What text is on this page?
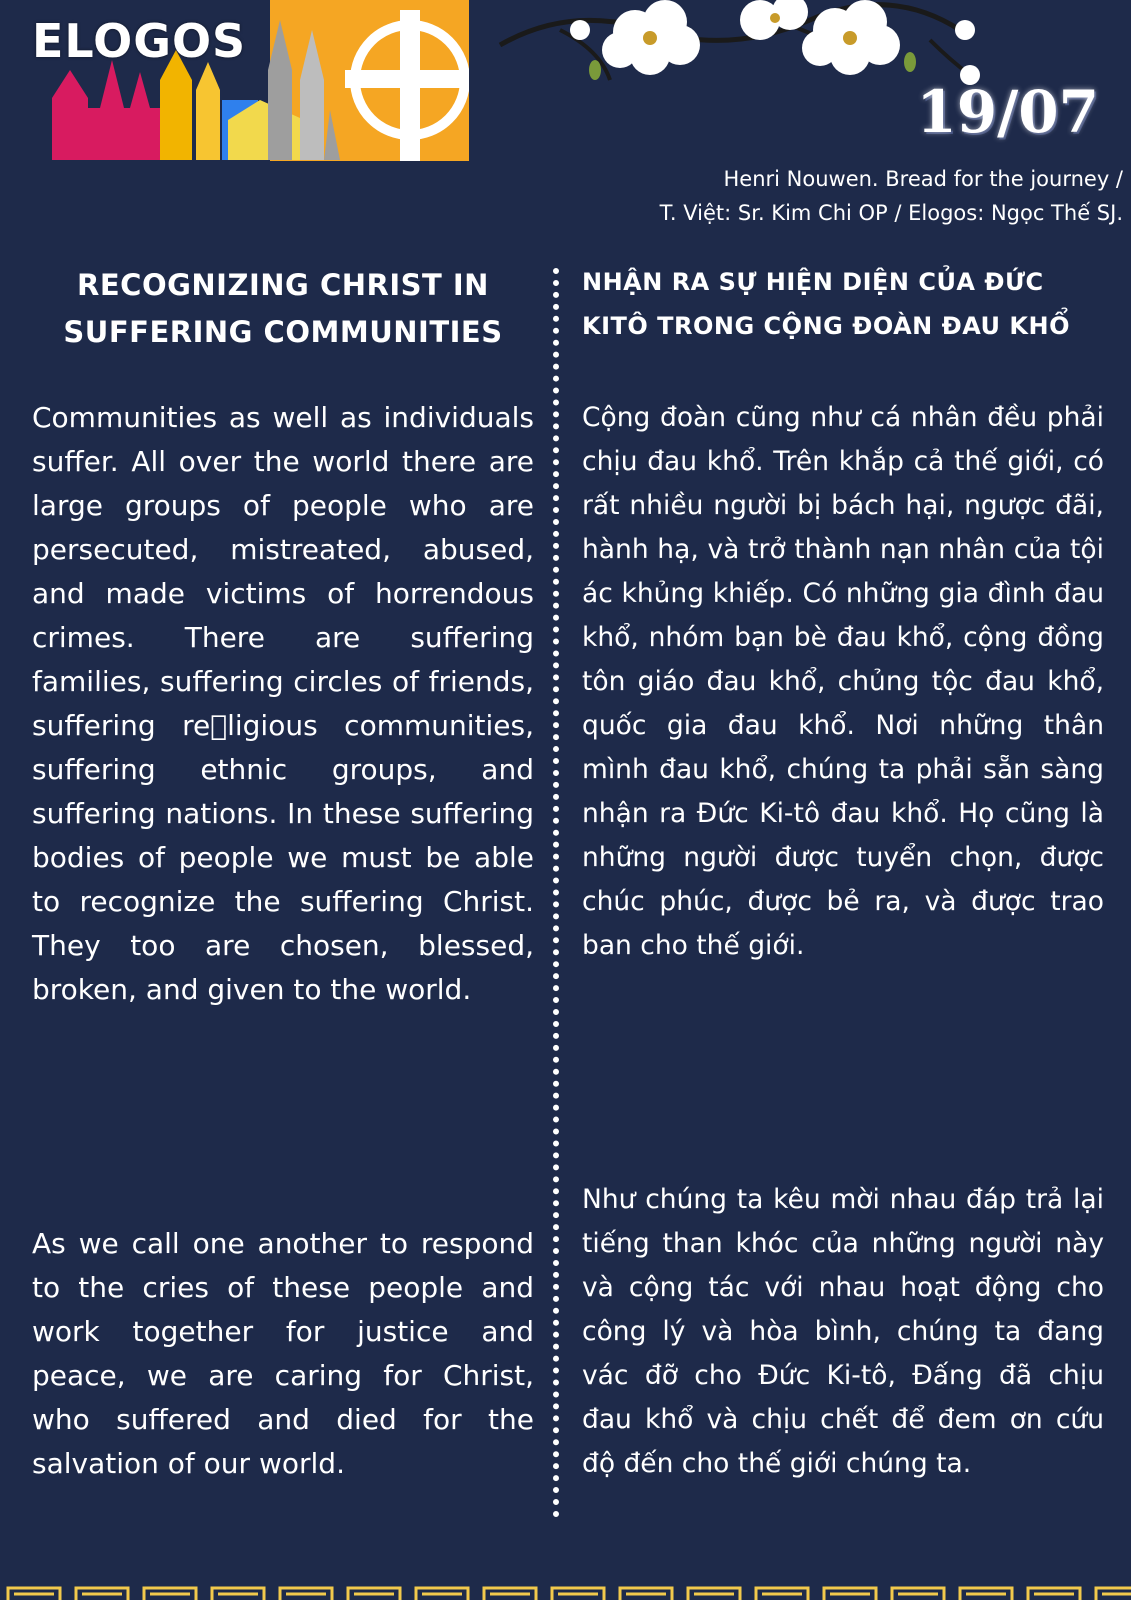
ELOGOS
19/07
Henri Nouwen. Bread for the journey /
T. Việt: Sr. Kim Chi OP / Elogos: Ngọc Thế SJ.
RECOGNIZING CHRIST IN
SUFFERING COMMUNITIES

Communities as well as individuals suffer. All over the world there are large groups of people who are persecuted, mistreated, abused, and made victims of horrendous crimes. There are suffering families, suffering circles of friends, suffering re ligious communities, suffering ethnic groups, and suffering nations. In these suffering bodies of people we must be able to recognize the suffering Christ. They too are chosen, blessed, broken, and given to the world.

As we call one another to respond to the cries of these people and work together for justice and peace, we are caring for Christ, who suffered and died for the salvation of our world.

NHẬN RA SỰ HIỆN DIỆN CỦA ĐỨC
KITÔ TRONG CỘNG ĐOÀN ĐAU KHỔ

Cộng đoàn cũng như cá nhân đều phải chịu đau khổ. Trên khắp cả thế giới, có rất nhiều người bị bách hại, ngược đãi, hành hạ, và trở thành nạn nhân của tội ác khủng khiếp. Có những gia đình đau khổ, nhóm bạn bè đau khổ, cộng đồng tôn giáo đau khổ, chủng tộc đau khổ, quốc gia đau khổ. Nơi những thân mình đau khổ, chúng ta phải sẵn sàng nhận ra Đức Ki-tô đau khổ. Họ cũng là những người được tuyển chọn, được chúc phúc, được bẻ ra, và được trao ban cho thế giới.

Như chúng ta kêu mời nhau đáp trả lại tiếng than khóc của những người này và cộng tác với nhau hoạt động cho công lý và hòa bình, chúng ta đang vác đỡ cho Đức Ki-tô, Đấng đã chịu đau khổ và chịu chết để đem ơn cứu độ đến cho thế giới chúng ta.
